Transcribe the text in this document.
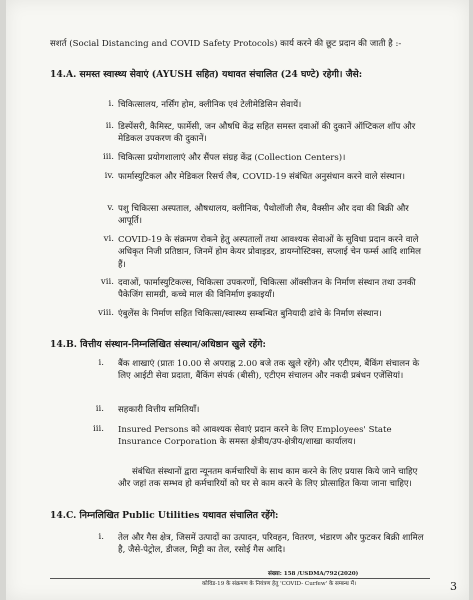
सशर्त (Social Distancing and COVID Safety Protocols) कार्य करने की छूट प्रदान की जाती है :-
14.A. समस्त स्वास्थ्य सेवाएं (AYUSH सहित) यथावत संचालित (24 घण्टे) रहेगी। जैसे:
i. चिकित्सालय, नर्सिंग होम, क्लीनिक एवं टेलीमेडिसिन सेवायें।
ii. डिस्पेंसरी, कैमिस्ट, फार्मेसी, जन औषधि केंद्र सहित समस्त दवाओं की दुकानें ऑप्टिकल शॉप और मेडिकल उपकरण की दुकानें।
iii. चिकित्सा प्रयोगशालाएं और सैंपल संग्रह केंद्र (Collection Centers)।
iv. फार्मास्युटिकल और मेडिकल रिसर्च लैब, COVID-19 संबंधित अनुसंधान करने वाले संस्थान।
v. पशु चिकित्सा अस्पताल, औषधालय, क्लीनिक, पैथोलॉजी लैब, वैक्सीन और दवा की बिक्री और आपूर्ति।
vi. COVID-19 के संक्रमण रोकने हेतु अस्पतालों तथा आवश्यक सेवाओं के सुविधा प्रदान करने वाले अधिकृत निजी प्रतिष्ठान, जिनमें होम केयर प्रोवाइडर, डायग्नोस्टिक्स, सप्लाई चेन फर्म्स आदि शामिल हैं।
vii. दवाओं, फार्मास्युटिकल्स, चिकित्सा उपकरणों, चिकित्सा ऑक्सीजन के निर्माण संस्थान तथा उनकी पैकेजिंग सामग्री, कच्चे माल की विनिर्माण इकाइयाँ।
viii. एंबुलेंस के निर्माण सहित चिकित्सा/स्वास्थ्य सम्बन्धित बुनियादी ढांचे के निर्माण संस्थान।
14.B. वित्तीय संस्थान-निम्नलिखित संस्थान/अधिष्ठान खुले रहेंगे:
i. बैंक शाखाएं (प्रातः 10.00 से अपराह्न 2.00 बजे तक खुले रहेंगे) और एटीएम, बैंकिंग संचालन के लिए आईटी सेवा प्रदाता, बैंकिंग संपर्क (बीसी), एटीएम संचालन और नकदी प्रबंधन एजेंसियां।
ii. सहकारी वित्तीय समितियाँ।
iii. Insured Persons को आवश्यक सेवाएं प्रदान करने के लिए Employees' State Insurance Corporation के समस्त क्षेत्रीय/उप-क्षेत्रीय/शाखा कार्यालय।
संबंधित संस्थानों द्वारा न्यूनतम कर्मचारियों के साथ काम करने के लिए प्रयास किये जाने चाहिए और जहां तक सम्भव हो कर्मचारियों को घर से काम करने के लिए प्रोत्साहित किया जाना चाहिए।
14.C. निम्नलिखित Public Utilities यथावत संचालित रहेंगे:
i. तेल और गैस क्षेत्र, जिसमें उत्पादों का उत्पादन, परिवहन, वितरण, भंडारण और फुटकर बिक्री शामिल है, जैसे-पेट्रोल, डीजल, मिट्टी का तेल, रसोई गैस आदि।
संख्या: 158 /USDMA/792(2020)
कोविड-19 के संक्रमण के नियंत्रण हेतु 'COVID- Curfew' के सम्बन्ध में।	3
